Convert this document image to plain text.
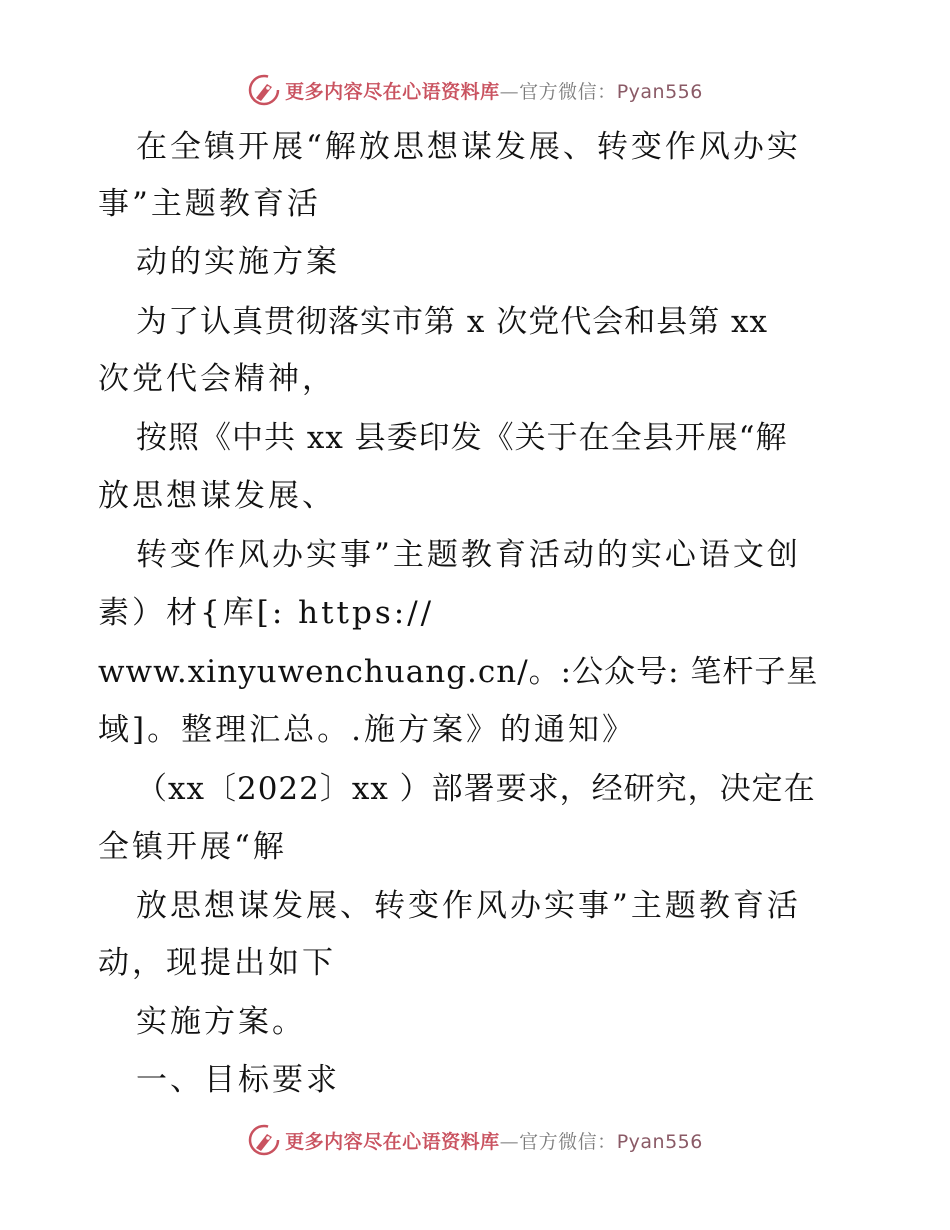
更多内容尽在心语资料库—官方微信：Pyan556
在全镇开展“解放思想谋发展、转变作风办实
事”主题教育活
动的实施方案
为了认真贯彻落实市第 x 次党代会和县第 xx
次党代会精神，
按照《中共 xx 县委印发《关于在全县开展“解
放思想谋发展、
转变作风办实事”主题教育活动的实心语文创
素）材{库[: https://
www.xinyuwenchuang.cn/。:公众号: 笔杆子星
域]。整理汇总。.施方案》的通知》
（xx〔2022〕xx ）部署要求，经研究，决定在
全镇开展“解
放思想谋发展、转变作风办实事”主题教育活
动，现提出如下
实施方案。
一、目标要求
更多内容尽在心语资料库—官方微信：Pyan556
